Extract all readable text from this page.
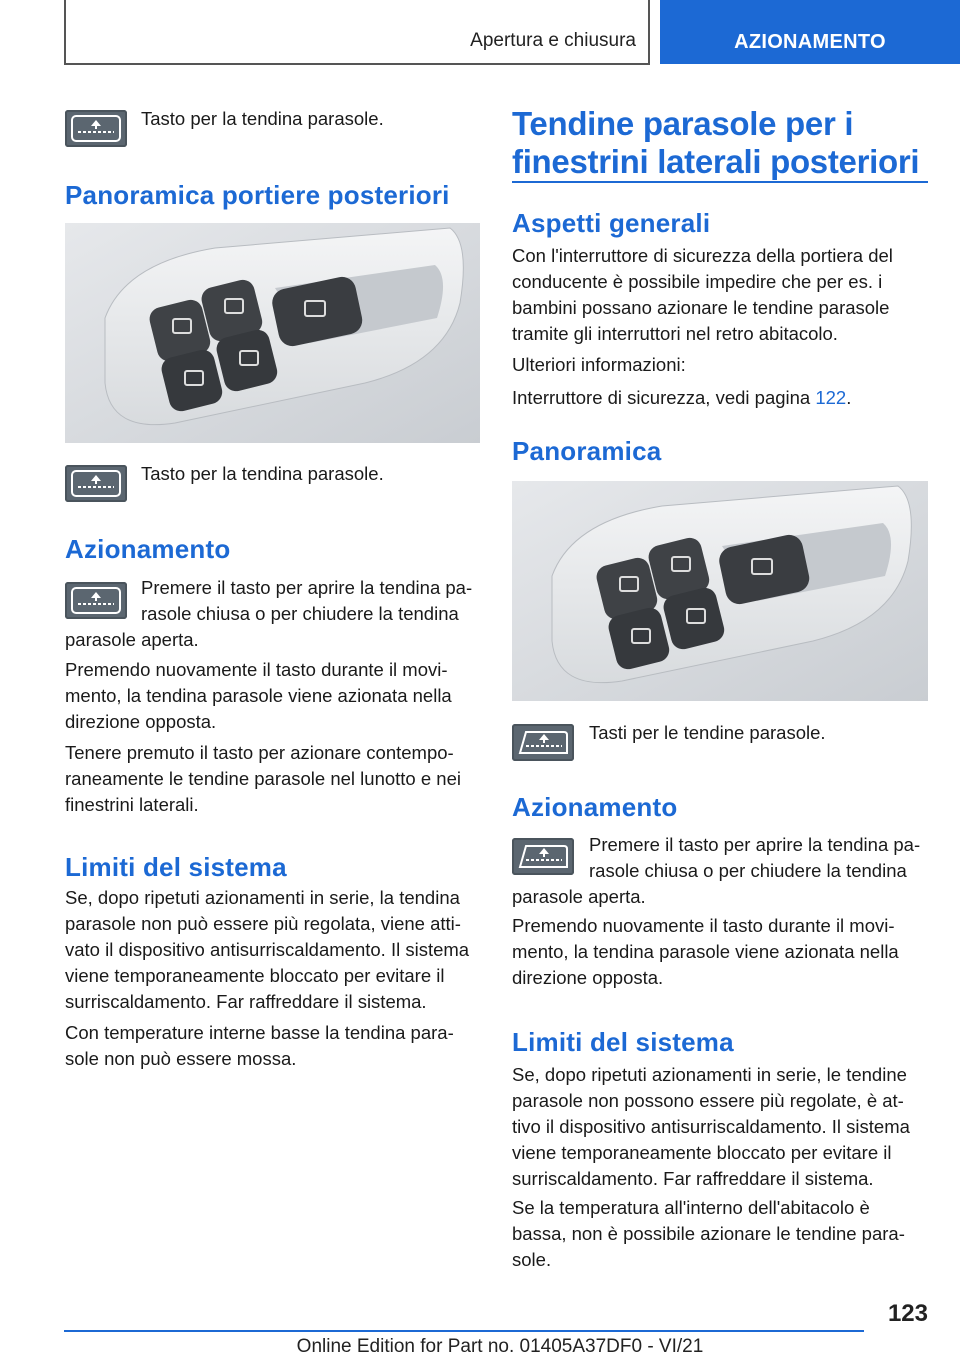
Apertura e chiusura	AZIONAMENTO
Tasto per la tendina parasole.
Panoramica portiere posteriori
Tasto per la tendina parasole.
Azionamento
Premere il tasto per aprire la tendina pa-
rasole chiusa o per chiudere la tendina
parasole aperta.
Premendo nuovamente il tasto durante il movi-
mento, la tendina parasole viene azionata nella
direzione opposta.
Tenere premuto il tasto per azionare contempo-
raneamente le tendine parasole nel lunotto e nei
finestrini laterali.
Limiti del sistema
Se, dopo ripetuti azionamenti in serie, la tendina
parasole non può essere più regolata, viene atti-
vato il dispositivo antisurriscaldamento. Il sistema
viene temporaneamente bloccato per evitare il
surriscaldamento. Far raffreddare il sistema.
Con temperature interne basse la tendina para-
sole non può essere mossa.
Tendine parasole per i
finestrini laterali posteriori
Aspetti generali
Con l'interruttore di sicurezza della portiera del
conducente è possibile impedire che per es. i
bambini possano azionare le tendine parasole
tramite gli interruttori nel retro abitacolo.
Ulteriori informazioni:
Interruttore di sicurezza, vedi pagina 122.
Panoramica
Tasti per le tendine parasole.
Azionamento
Premere il tasto per aprire la tendina pa-
rasole chiusa o per chiudere la tendina
parasole aperta.
Premendo nuovamente il tasto durante il movi-
mento, la tendina parasole viene azionata nella
direzione opposta.
Limiti del sistema
Se, dopo ripetuti azionamenti in serie, le tendine
parasole non possono essere più regolate, è at-
tivo il dispositivo antisurriscaldamento. Il sistema
viene temporaneamente bloccato per evitare il
surriscaldamento. Far raffreddare il sistema.
Se la temperatura all'interno dell'abitacolo è
bassa, non è possibile azionare le tendine para-
sole.
123
Online Edition for Part no. 01405A37DF0 - VI/21
